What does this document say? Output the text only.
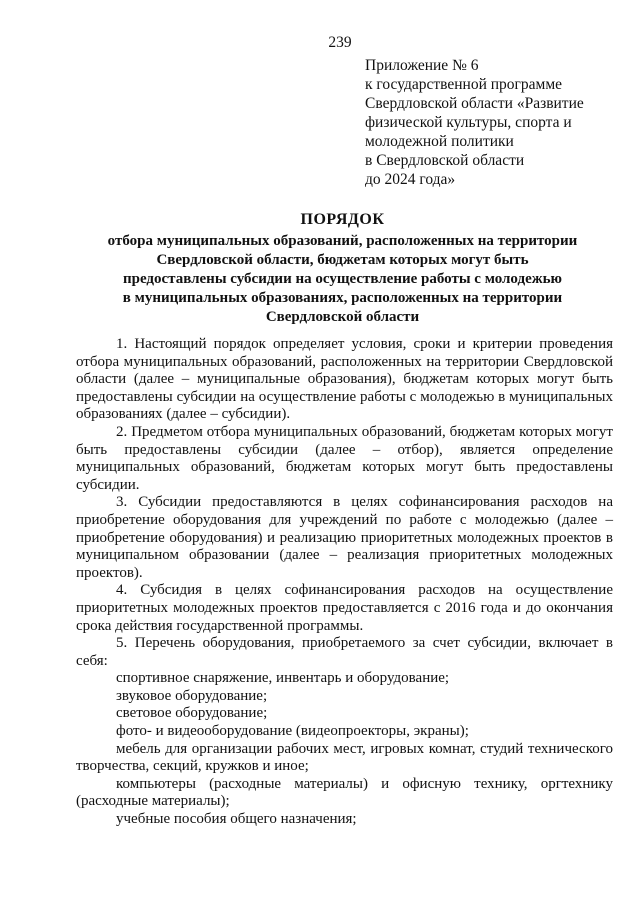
239
Приложение № 6
к государственной программе
Свердловской области «Развитие
физической культуры, спорта и
молодежной политики
в Свердловской области
до 2024 года»
ПОРЯДОК
отбора муниципальных образований, расположенных на территории
Свердловской области, бюджетам которых могут быть
предоставлены субсидии на осуществление работы с молодежью
в муниципальных образованиях, расположенных на территории
Свердловской области

1. Настоящий порядок определяет условия, сроки и критерии проведения отбора муниципальных образований, расположенных на территории Свердловской области (далее – муниципальные образования), бюджетам которых могут быть предоставлены субсидии на осуществление работы с молодежью в муниципальных образованиях (далее – субсидии).

2. Предметом отбора муниципальных образований, бюджетам которых могут быть предоставлены субсидии (далее – отбор), является определение муниципальных образований, бюджетам которых могут быть предоставлены субсидии.

3. Субсидии предоставляются в целях софинансирования расходов на приобретение оборудования для учреждений по работе с молодежью (далее – приобретение оборудования) и реализацию приоритетных молодежных проектов в муниципальном образовании (далее – реализация приоритетных молодежных проектов).

4. Субсидия в целях софинансирования расходов на осуществление приоритетных молодежных проектов предоставляется с 2016 года и до окончания срока действия государственной программы.

5. Перечень оборудования, приобретаемого за счет субсидии, включает в себя:

спортивное снаряжение, инвентарь и оборудование;

звуковое оборудование;

световое оборудование;

фото- и видеооборудование (видеопроекторы, экраны);

мебель для организации рабочих мест, игровых комнат, студий технического творчества, секций, кружков и иное;

компьютеры (расходные материалы) и офисную технику, оргтехнику (расходные материалы);

учебные пособия общего назначения;
